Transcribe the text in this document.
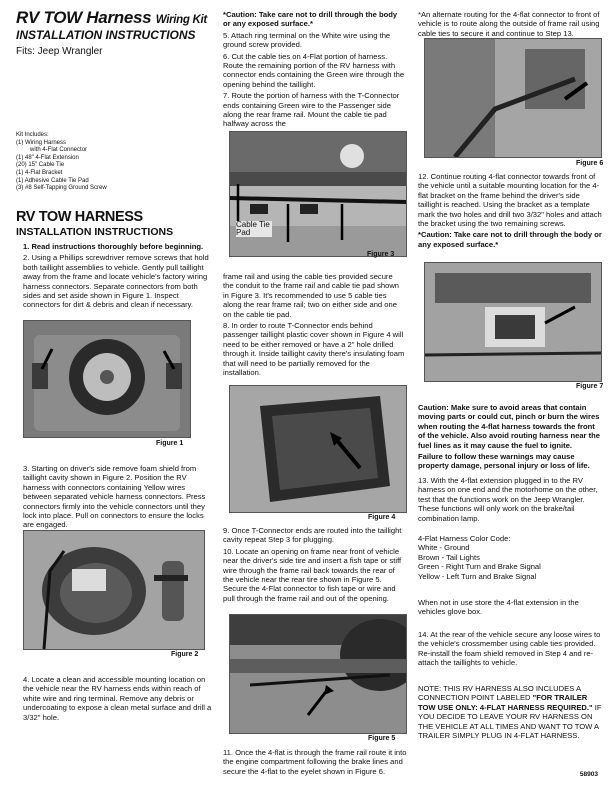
RV TOW Harness Wiring Kit
INSTALLATION INSTRUCTIONS
Fits: Jeep Wrangler
Kit Includes:
(1) Wiring Harness
with 4-Flat Connector
(1) 48" 4-Flat Extension
(20) 15" Cable Tie
(1) 4-Flat Bracket
(1) Adhesive Cable Tie Pad
(3) #8 Self-Tapping Ground Screw
RV TOW HARNESS
INSTALLATION INSTRUCTIONS

1. Read instructions thoroughly before beginning.

2. Using a Phillips screwdriver remove screws that hold both taillight assemblies to vehicle. Gently pull taillight away from the frame and locate vehicle's factory wiring harness connectors. Separate connectors from both sides and set aside shown in Figure 1. Inspect connectors for dirt & debris and clean if necessary.

Figure 1
3. Starting on driver's side remove foam shield from taillight cavity shown in Figure 2. Position the RV harness with connectors containing Yellow wires between separated vehicle harness connectors. Press connectors firmly into the vehicle connectors until they lock into place. Pull on connectors to ensure the locks are engaged.
Figure 2
4. Locate a clean and accessible mounting location on the vehicle near the RV harness ends within reach of white wire and ring terminal. Remove any debris or undercoating to expose a clean metal surface and drill a 3/32" hole.

*Caution: Take care not to drill through the body or any exposed surface.*

5. Attach ring terminal on the White wire using the ground screw provided.

6. Cut the cable ties on 4-Flat portion of harness. Route the remaining portion of the RV harness with connector ends containing the Green wire through the opening behind the taillight.

7. Route the portion of harness with the T-Connector ends containing Green wire to the Passenger side along the rear frame rail. Mount the cable tie pad halfway across the

Cable Tie Pad
Figure 3

frame rail and using the cable ties provided secure the conduit to the frame rail and cable tie pad shown in Figure 3. It's recommended to use 5 cable ties along the rear frame rail; two on either side and one on the cable tie pad.

8. In order to route T-Connector ends behind passenger taillight plastic cover shown in Figure 4 will need to be either removed or have a 2" hole drilled through it. Inside taillight cavity there's insulating foam that will need to be partially removed for the installation.

Figure 4

9. Once T-Connector ends are routed into the taillight cavity repeat Step 3 for plugging.

10. Locate an opening on frame near front of vehicle near the driver's side tire and insert a fish tape or stiff wire through the frame rail back towards the rear of the vehicle near the rear tire shown in Figure 5. Secure the 4-Flat connector to fish tape or wire and pull through the frame rail and out of the opening.

Figure 5
11. Once the 4-flat is through the frame rail route it into the engine compartment following the brake lines and secure the 4-flat to the eyelet shown in Figure 6.
*An alternate routing for the 4-flat connector to front of vehicle is to route along the outside of frame rail using cable ties to secure it and continue to Step 13.
Figure 6

12. Continue routing 4-flat connector towards front of the vehicle until a suitable mounting location for the 4-flat bracket on the frame behind the driver's side taillight is reached. Using the bracket as a template mark the two holes and drill two 3/32" holes and attach the bracket using the two remaining screws.

*Caution: Take care not to drill through the body or any exposed surface.*

Figure 7

Caution: Make sure to avoid areas that contain moving parts or could cut, pinch or burn the wires when routing the 4-flat harness towards the front of the vehicle. Also avoid routing harness near the fuel lines as it may cause the fuel to ignite.

Failure to follow these warnings may cause property damage, personal injury or loss of life.

13. With the 4-flat extension plugged in to the RV harness on one end and the motorhome on the other, test that the functions work on the Jeep Wrangler. These functions will only work on the brake/tail combination lamp.
4-Flat Harness Color Code:
White - Ground
Brown - Tail Lights
Green - Right Turn and Brake Signal
Yellow - Left Turn and Brake Signal
When not in use store the 4-flat extension in the vehicles glove box.
14. At the rear of the vehicle secure any loose wires to the vehicle's crossmember using cable ties provided. Re-install the foam shield removed in Step 4 and re-attach the taillights to vehicle.
NOTE: THIS RV HARNESS ALSO INCLUDES A CONNECTION POINT LABELED "FOR TRAILER TOW USE ONLY: 4-FLAT HARNESS REQUIRED." IF YOU DECIDE TO LEAVE YOUR RV HARNESS ON THE VEHICLE AT ALL TIMES AND WANT TO TOW A TRAILER SIMPLY PLUG IN 4-FLAT HARNESS.
58903
